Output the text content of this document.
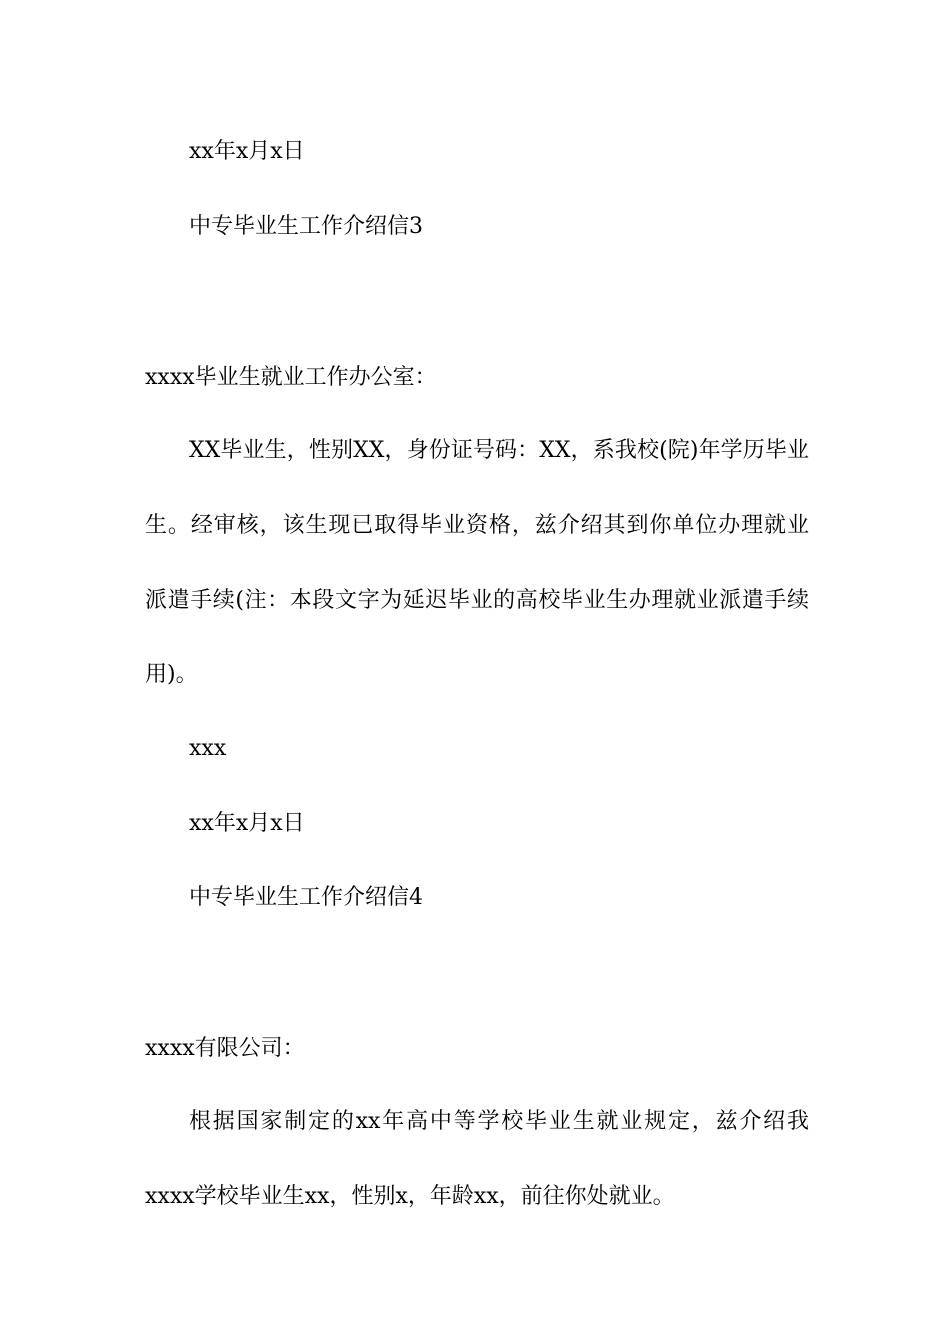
xx年x月x日
中专毕业生工作介绍信3
xxxx毕业生就业工作办公室：
XX毕业生，性别XX，身份证号码：XX，系我校(院)年学历毕业
生。经审核，该生现已取得毕业资格，兹介绍其到你单位办理就业
派遣手续(注：本段文字为延迟毕业的高校毕业生办理就业派遣手续
用)。
xxx
xx年x月x日
中专毕业生工作介绍信4
xxxx有限公司：
根据国家制定的xx年高中等学校毕业生就业规定，兹介绍我
xxxx学校毕业生xx，性别x，年龄xx，前往你处就业。
